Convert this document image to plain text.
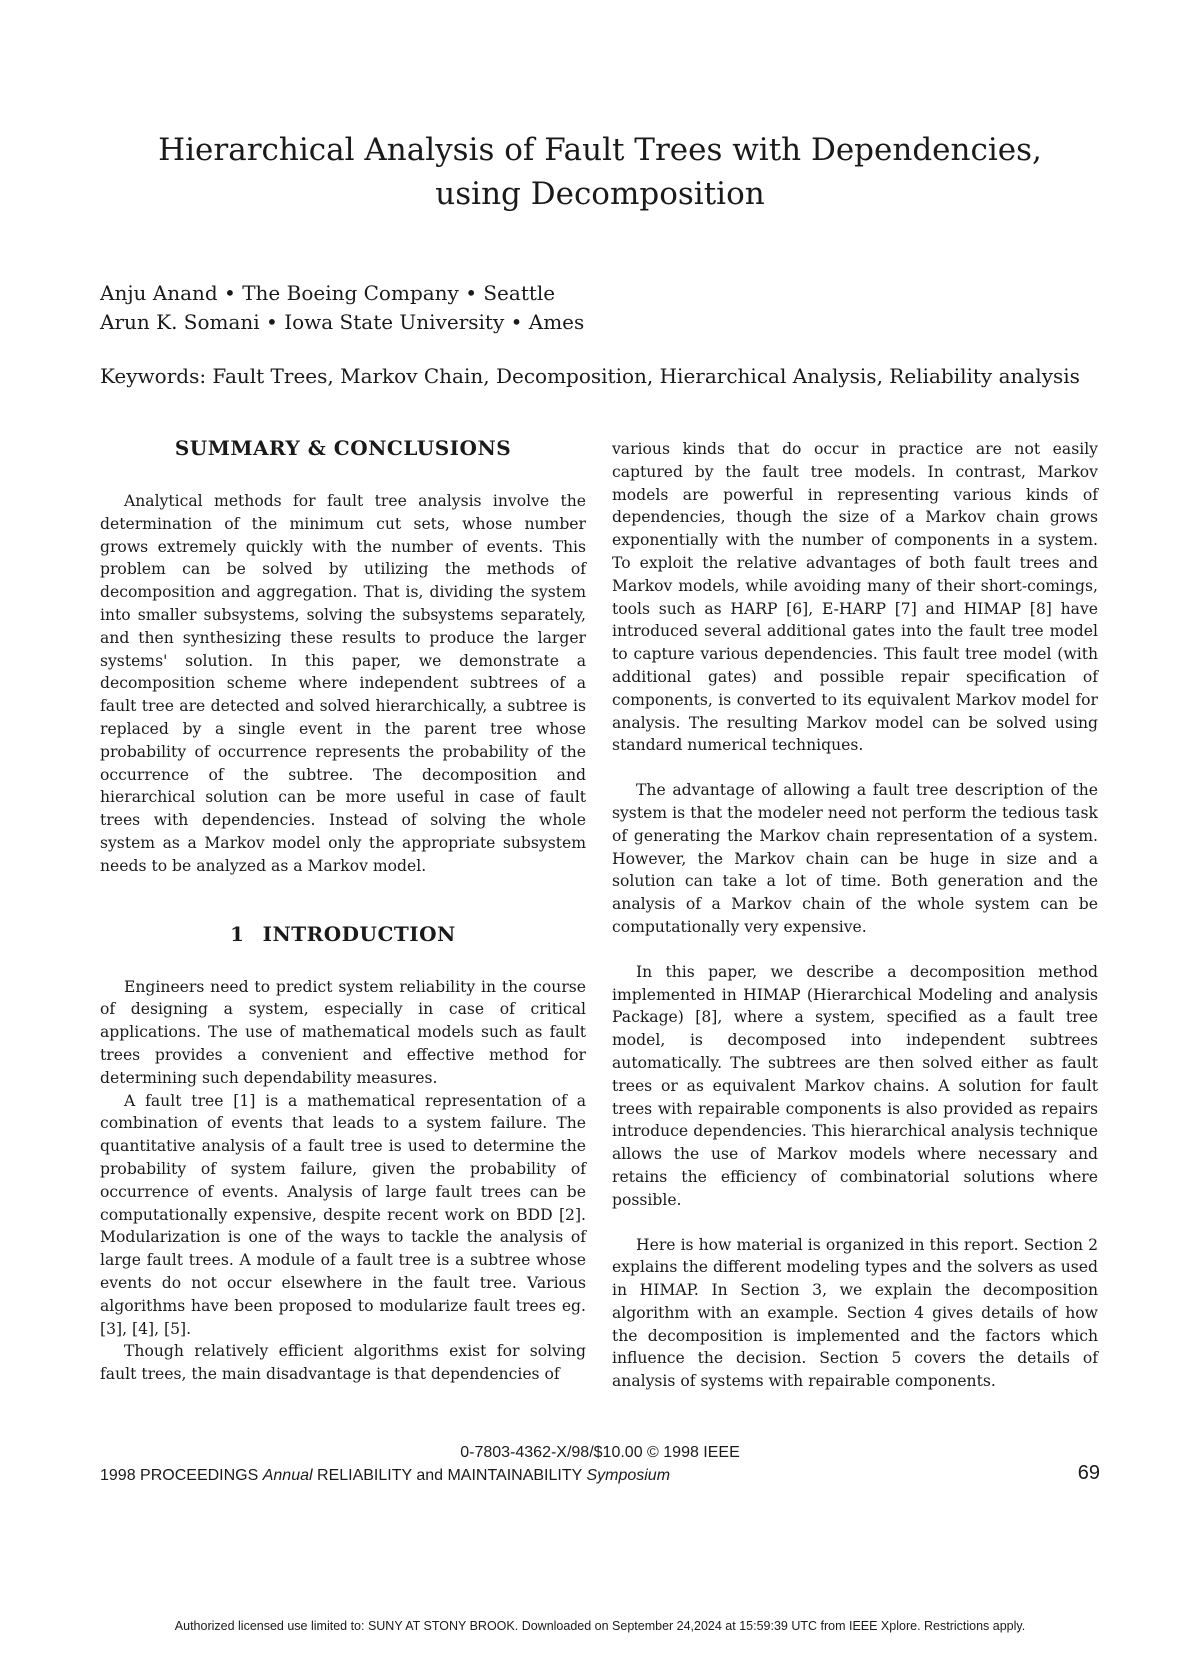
Hierarchical Analysis of Fault Trees with Dependencies, using Decomposition
Anju Anand • The Boeing Company • Seattle
Arun K. Somani • Iowa State University • Ames
Keywords: Fault Trees, Markov Chain, Decomposition, Hierarchical Analysis, Reliability analysis
SUMMARY & CONCLUSIONS

Analytical methods for fault tree analysis involve the determination of the minimum cut sets, whose number grows extremely quickly with the number of events. This problem can be solved by utilizing the methods of decomposition and aggregation. That is, dividing the system into smaller subsystems, solving the subsystems separately, and then synthesizing these results to produce the larger systems' solution. In this paper, we demonstrate a decomposition scheme where independent subtrees of a fault tree are detected and solved hierarchically, a subtree is replaced by a single event in the parent tree whose probability of occurrence represents the probability of the occurrence of the subtree. The decomposition and hierarchical solution can be more useful in case of fault trees with dependencies. Instead of solving the whole system as a Markov model only the appropriate subsystem needs to be analyzed as a Markov model.

1 INTRODUCTION

Engineers need to predict system reliability in the course of designing a system, especially in case of critical applications. The use of mathematical models such as fault trees provides a convenient and effective method for determining such dependability measures.

A fault tree [1] is a mathematical representation of a combination of events that leads to a system failure. The quantitative analysis of a fault tree is used to determine the probability of system failure, given the probability of occurrence of events. Analysis of large fault trees can be computationally expensive, despite recent work on BDD [2]. Modularization is one of the ways to tackle the analysis of large fault trees. A module of a fault tree is a subtree whose events do not occur elsewhere in the fault tree. Various algorithms have been proposed to modularize fault trees eg. [3], [4], [5].

Though relatively efficient algorithms exist for solving fault trees, the main disadvantage is that dependencies of

various kinds that do occur in practice are not easily captured by the fault tree models. In contrast, Markov models are powerful in representing various kinds of dependencies, though the size of a Markov chain grows exponentially with the number of components in a system. To exploit the relative advantages of both fault trees and Markov models, while avoiding many of their short-comings, tools such as HARP [6], E-HARP [7] and HIMAP [8] have introduced several additional gates into the fault tree model to capture various dependencies. This fault tree model (with additional gates) and possible repair specification of components, is converted to its equivalent Markov model for analysis. The resulting Markov model can be solved using standard numerical techniques.

The advantage of allowing a fault tree description of the system is that the modeler need not perform the tedious task of generating the Markov chain representation of a system. However, the Markov chain can be huge in size and a solution can take a lot of time. Both generation and the analysis of a Markov chain of the whole system can be computationally very expensive.

In this paper, we describe a decomposition method implemented in HIMAP (Hierarchical Modeling and analysis Package) [8], where a system, specified as a fault tree model, is decomposed into independent subtrees automatically. The subtrees are then solved either as fault trees or as equivalent Markov chains. A solution for fault trees with repairable components is also provided as repairs introduce dependencies. This hierarchical analysis technique allows the use of Markov models where necessary and retains the efficiency of combinatorial solutions where possible.

Here is how material is organized in this report. Section 2 explains the different modeling types and the solvers as used in HIMAP. In Section 3, we explain the decomposition algorithm with an example. Section 4 gives details of how the decomposition is implemented and the factors which influence the decision. Section 5 covers the details of analysis of systems with repairable components.

0-7803-4362-X/98/$10.00 © 1998 IEEE
1998 PROCEEDINGS Annual RELIABILITY and MAINTAINABILITY Symposium	69
Authorized licensed use limited to: SUNY AT STONY BROOK. Downloaded on September 24,2024 at 15:59:39 UTC from IEEE Xplore. Restrictions apply.
